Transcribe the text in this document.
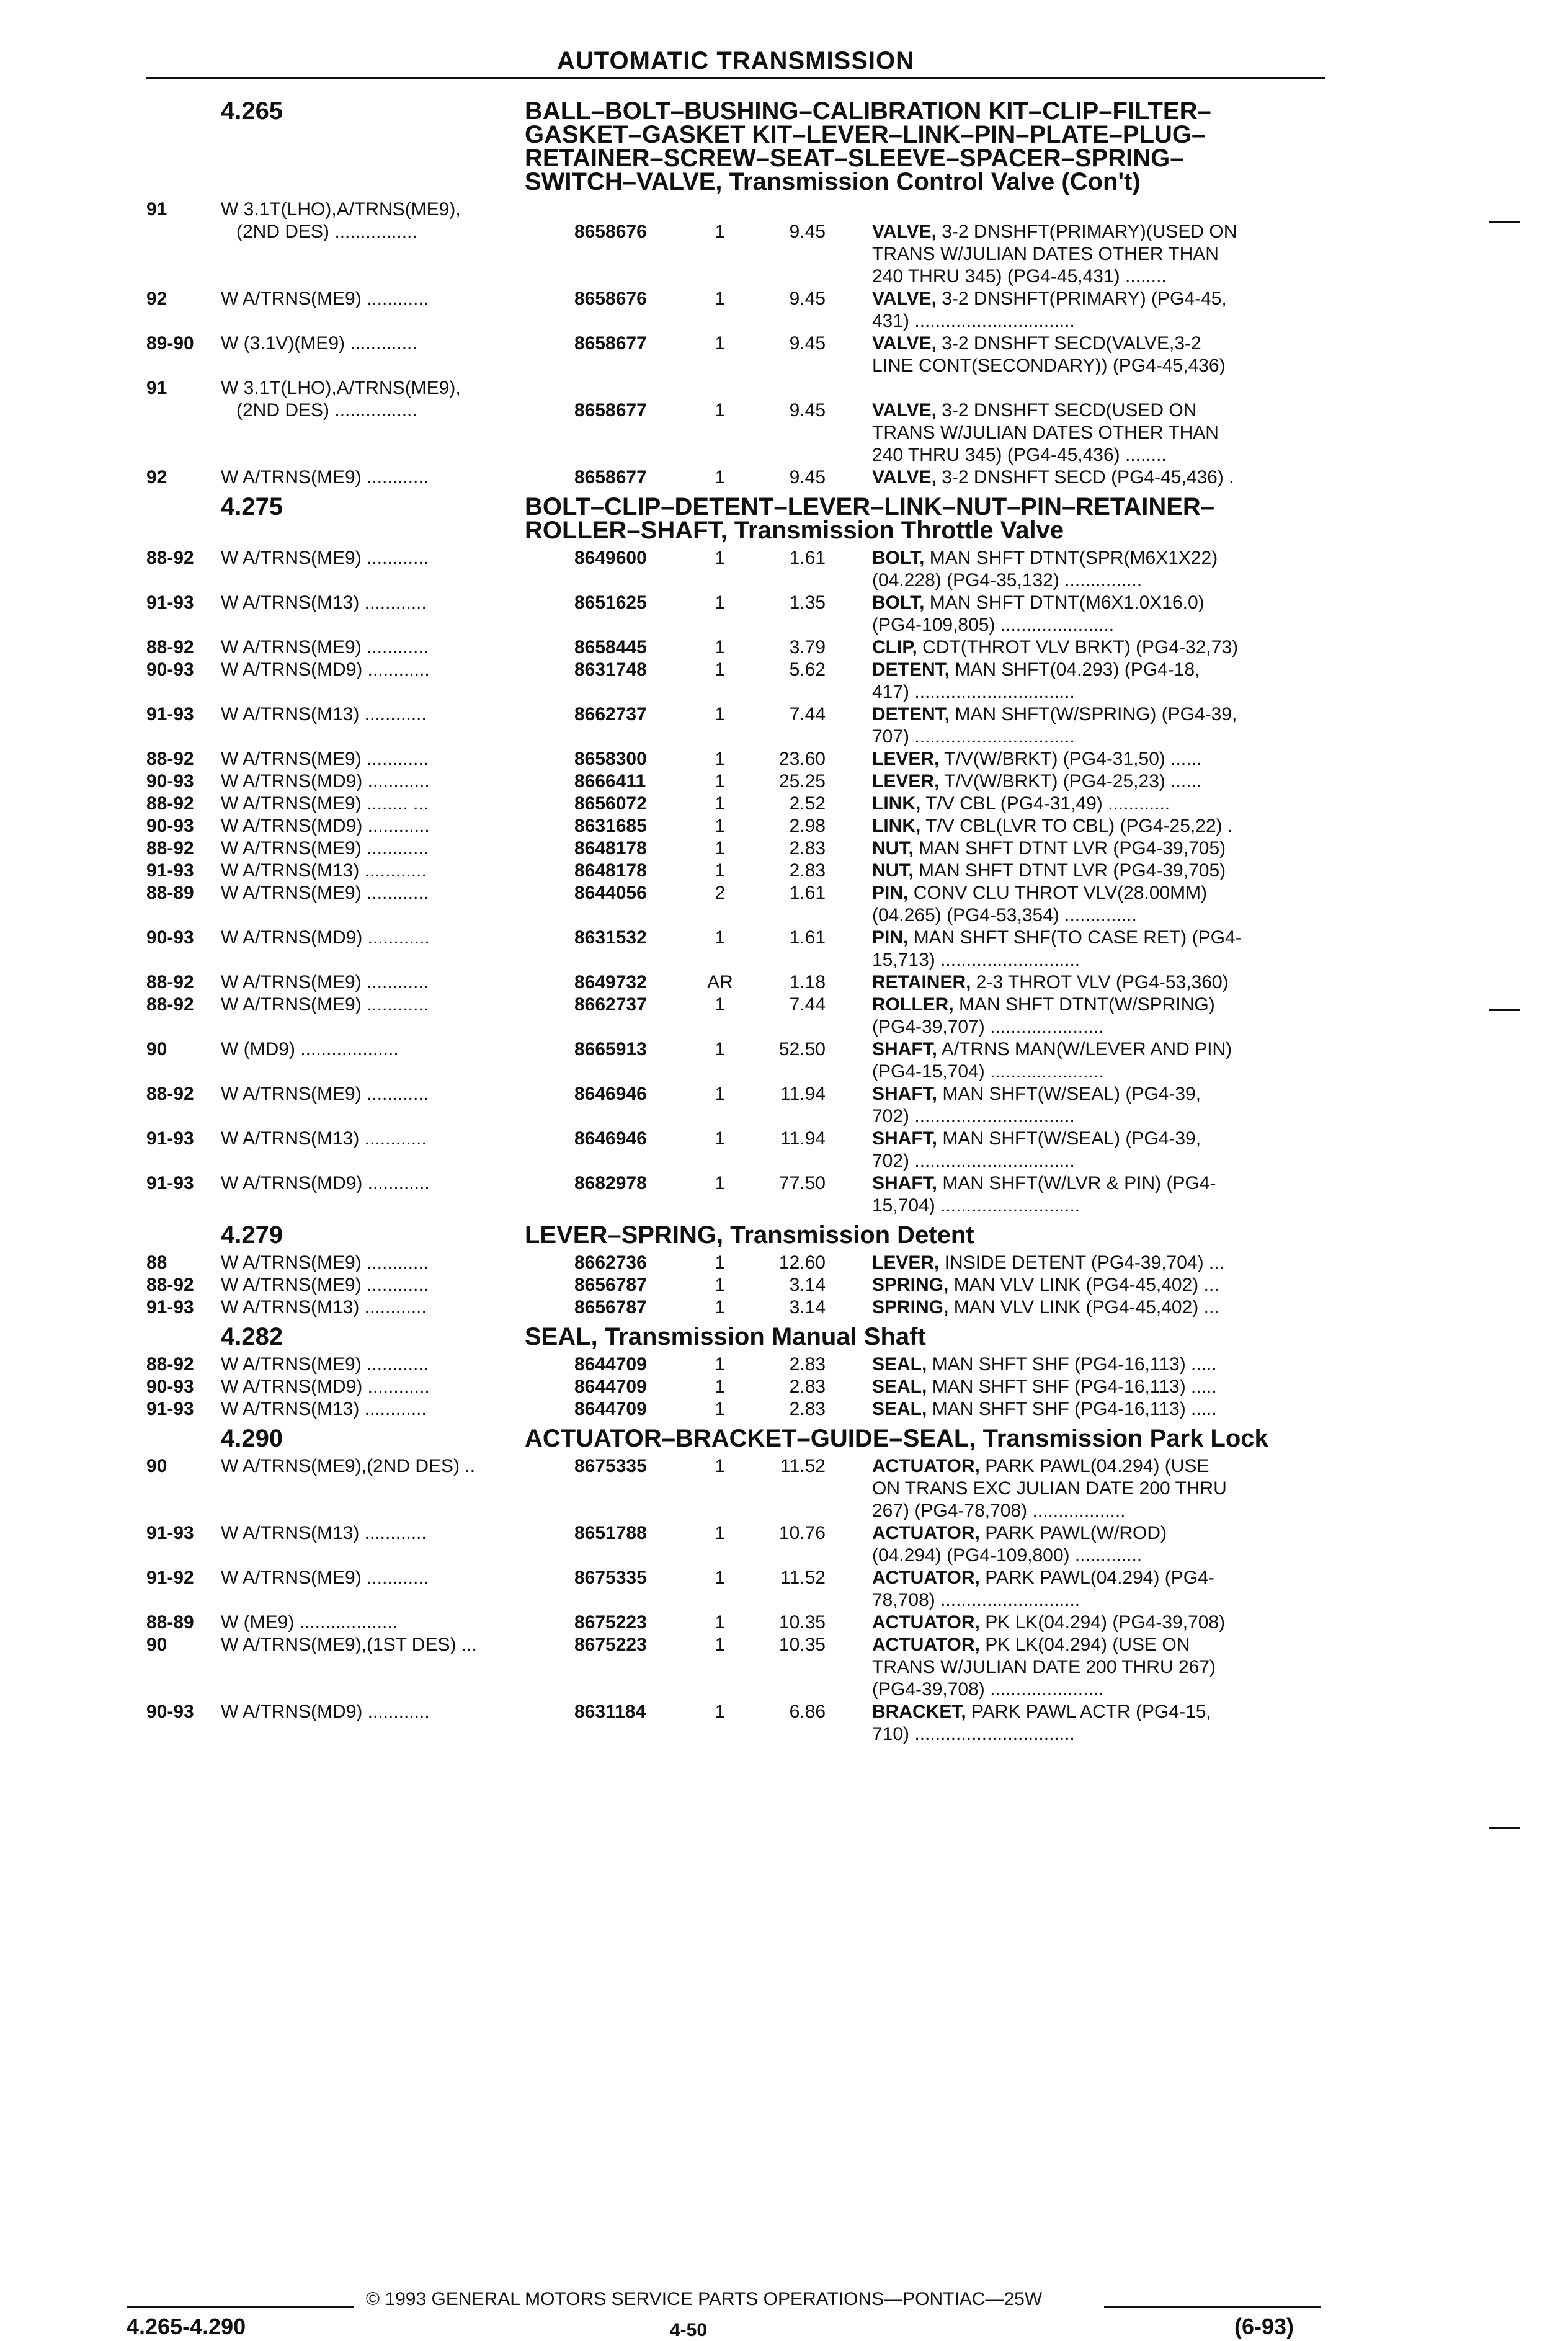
AUTOMATIC TRANSMISSION
4.265	BALL–BOLT–BUSHING–CALIBRATION KIT–CLIP–FILTER–
GASKET–GASKET KIT–LEVER–LINK–PIN–PLATE–PLUG–
RETAINER–SCREW–SEAT–SLEEVE–SPACER–SPRING–
SWITCH–VALVE, Transmission Control Valve (Con't)
91	W 3.1T(LHO),A/TRNS(ME9),
(2ND DES) ................	8658676	1	9.45	VALVE, 3-2 DNSHFT(PRIMARY)(USED ON
TRANS W/JULIAN DATES OTHER THAN
240 THRU 345) (PG4-45,431) ........
92	W A/TRNS(ME9) ............	8658676	1	9.45	VALVE, 3-2 DNSHFT(PRIMARY) (PG4-45,
431) ...............................
89-90	W (3.1V)(ME9) .............	8658677	1	9.45	VALVE, 3-2 DNSHFT SECD(VALVE,3-2
LINE CONT(SECONDARY)) (PG4-45,436)
91	W 3.1T(LHO),A/TRNS(ME9),
(2ND DES) ................	8658677	1	9.45	VALVE, 3-2 DNSHFT SECD(USED ON
TRANS W/JULIAN DATES OTHER THAN
240 THRU 345) (PG4-45,436) ........
92	W A/TRNS(ME9) ............	8658677	1	9.45	VALVE, 3-2 DNSHFT SECD (PG4-45,436) .
4.275	BOLT–CLIP–DETENT–LEVER–LINK–NUT–PIN–RETAINER–
ROLLER–SHAFT, Transmission Throttle Valve
88-92	W A/TRNS(ME9) ............	8649600	1	1.61	BOLT, MAN SHFT DTNT(SPR(M6X1X22)
(04.228) (PG4-35,132) ...............
91-93	W A/TRNS(M13) ............	8651625	1	1.35	BOLT, MAN SHFT DTNT(M6X1.0X16.0)
(PG4-109,805) ......................
88-92	W A/TRNS(ME9) ............	8658445	1	3.79	CLIP, CDT(THROT VLV BRKT) (PG4-32,73)
90-93	W A/TRNS(MD9) ............	8631748	1	5.62	DETENT, MAN SHFT(04.293) (PG4-18,
417) ...............................
91-93	W A/TRNS(M13) ............	8662737	1	7.44	DETENT, MAN SHFT(W/SPRING) (PG4-39,
707) ...............................
88-92	W A/TRNS(ME9) ............	8658300	1	23.60	LEVER, T/V(W/BRKT) (PG4-31,50) ......
90-93	W A/TRNS(MD9) ............	8666411	1	25.25	LEVER, T/V(W/BRKT) (PG4-25,23) ......
88-92	W A/TRNS(ME9) ........ ...	8656072	1	2.52	LINK, T/V CBL (PG4-31,49) ............
90-93	W A/TRNS(MD9) ............	8631685	1	2.98	LINK, T/V CBL(LVR TO CBL) (PG4-25,22) .
88-92	W A/TRNS(ME9) ............	8648178	1	2.83	NUT, MAN SHFT DTNT LVR (PG4-39,705)
91-93	W A/TRNS(M13) ............	8648178	1	2.83	NUT, MAN SHFT DTNT LVR (PG4-39,705)
88-89	W A/TRNS(ME9) ............	8644056	2	1.61	PIN, CONV CLU THROT VLV(28.00MM)
(04.265) (PG4-53,354) ..............
90-93	W A/TRNS(MD9) ............	8631532	1	1.61	PIN, MAN SHFT SHF(TO CASE RET) (PG4-
15,713) ...........................
88-92	W A/TRNS(ME9) ............	8649732	AR	1.18	RETAINER, 2-3 THROT VLV (PG4-53,360)
88-92	W A/TRNS(ME9) ............	8662737	1	7.44	ROLLER, MAN SHFT DTNT(W/SPRING)
(PG4-39,707) ......................
90	W (MD9) ...................	8665913	1	52.50	SHAFT, A/TRNS MAN(W/LEVER AND PIN)
(PG4-15,704) ......................
88-92	W A/TRNS(ME9) ............	8646946	1	11.94	SHAFT, MAN SHFT(W/SEAL) (PG4-39,
702) ...............................
91-93	W A/TRNS(M13) ............	8646946	1	11.94	SHAFT, MAN SHFT(W/SEAL) (PG4-39,
702) ...............................
91-93	W A/TRNS(MD9) ............	8682978	1	77.50	SHAFT, MAN SHFT(W/LVR & PIN) (PG4-
15,704) ...........................
4.279	LEVER–SPRING, Transmission Detent
88	W A/TRNS(ME9) ............	8662736	1	12.60	LEVER, INSIDE DETENT (PG4-39,704) ...
88-92	W A/TRNS(ME9) ............	8656787	1	3.14	SPRING, MAN VLV LINK (PG4-45,402) ...
91-93	W A/TRNS(M13) ............	8656787	1	3.14	SPRING, MAN VLV LINK (PG4-45,402) ...
4.282	SEAL, Transmission Manual Shaft
88-92	W A/TRNS(ME9) ............	8644709	1	2.83	SEAL, MAN SHFT SHF (PG4-16,113) .....
90-93	W A/TRNS(MD9) ............	8644709	1	2.83	SEAL, MAN SHFT SHF (PG4-16,113) .....
91-93	W A/TRNS(M13) ............	8644709	1	2.83	SEAL, MAN SHFT SHF (PG4-16,113) .....
4.290	ACTUATOR–BRACKET–GUIDE–SEAL, Transmission Park Lock
90	W A/TRNS(ME9),(2ND DES) ..	8675335	1	11.52	ACTUATOR, PARK PAWL(04.294) (USE
ON TRANS EXC JULIAN DATE 200 THRU
267) (PG4-78,708) ..................
91-93	W A/TRNS(M13) ............	8651788	1	10.76	ACTUATOR, PARK PAWL(W/ROD)
(04.294) (PG4-109,800) .............
91-92	W A/TRNS(ME9) ............	8675335	1	11.52	ACTUATOR, PARK PAWL(04.294) (PG4-
78,708) ...........................
88-89	W (ME9) ...................	8675223	1	10.35	ACTUATOR, PK LK(04.294) (PG4-39,708)
90	W A/TRNS(ME9),(1ST DES) ...	8675223	1	10.35	ACTUATOR, PK LK(04.294) (USE ON
TRANS W/JULIAN DATE 200 THRU 267)
(PG4-39,708) ......................
90-93	W A/TRNS(MD9) ............	8631184	1	6.86	BRACKET, PARK PAWL ACTR (PG4-15,
710) ...............................
© 1993 GENERAL MOTORS SERVICE PARTS OPERATIONS—PONTIAC—25W
4.265-4.290	4-50	(6-93)
